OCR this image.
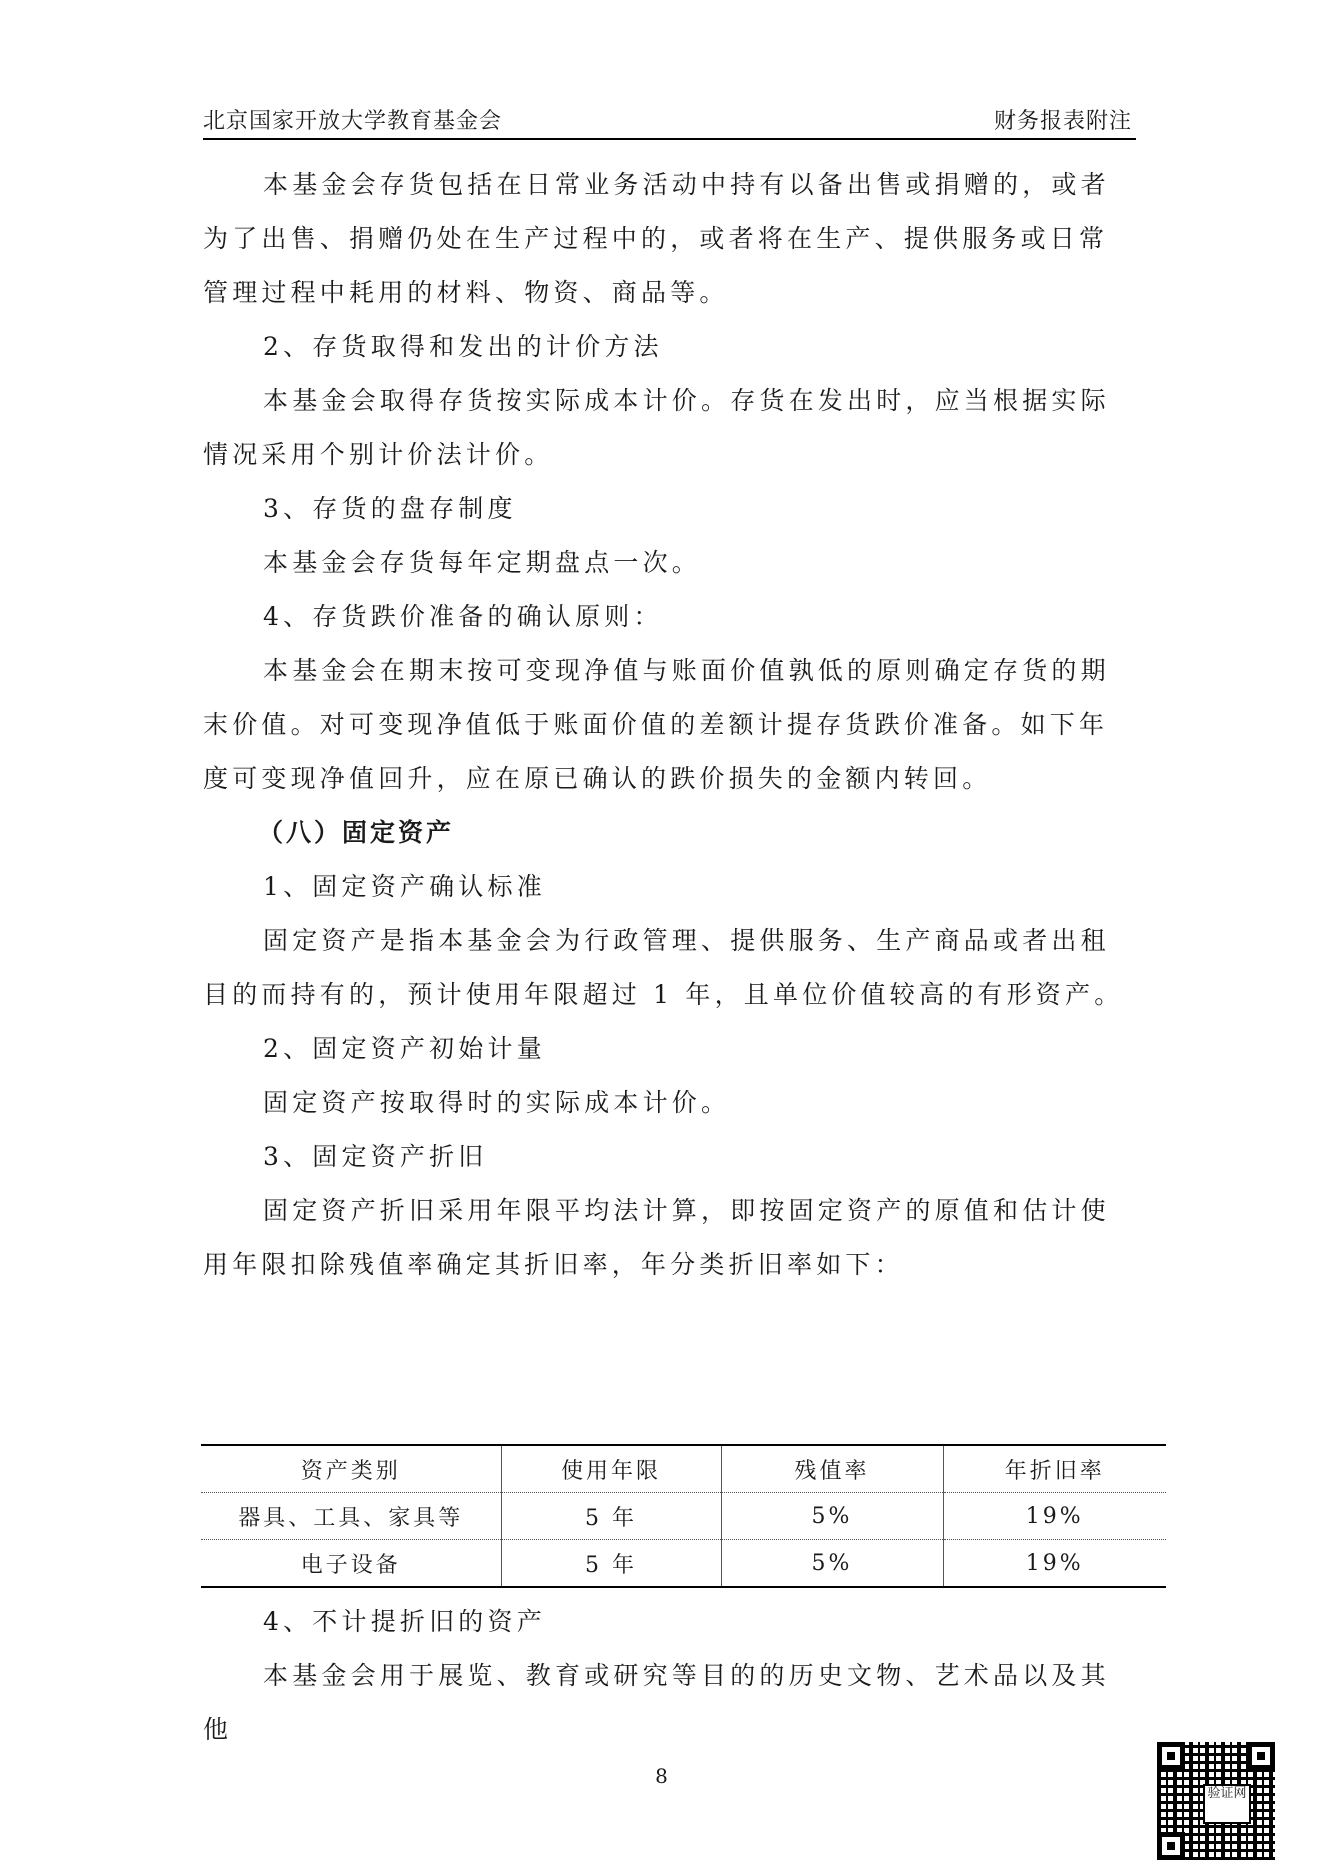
北京国家开放大学教育基金会	财务报表附注

本基金会存货包括在日常业务活动中持有以备出售或捐赠的，或者为了出售、捐赠仍处在生产过程中的，或者将在生产、提供服务或日常管理过程中耗用的材料、物资、商品等。

2、存货取得和发出的计价方法

本基金会取得存货按实际成本计价。存货在发出时，应当根据实际情况采用个别计价法计价。

3、存货的盘存制度

本基金会存货每年定期盘点一次。

4、存货跌价准备的确认原则：

本基金会在期末按可变现净值与账面价值孰低的原则确定存货的期末价值。对可变现净值低于账面价值的差额计提存货跌价准备。如下年度可变现净值回升，应在原已确认的跌价损失的金额内转回。

（八）固定资产

1、固定资产确认标准

固定资产是指本基金会为行政管理、提供服务、生产商品或者出租目的而持有的，预计使用年限超过 1 年，且单位价值较高的有形资产。

2、固定资产初始计量

固定资产按取得时的实际成本计价。

3、固定资产折旧

固定资产折旧采用年限平均法计算，即按固定资产的原值和估计使用年限扣除残值率确定其折旧率，年分类折旧率如下：

资产类别	使用年限	残值率	年折旧率
器具、工具、家具等	5 年	5%	19%
电子设备	5 年	5%	19%

4、不计提折旧的资产

本基金会用于展览、教育或研究等目的的历史文物、艺术品以及其他

8
验证网
